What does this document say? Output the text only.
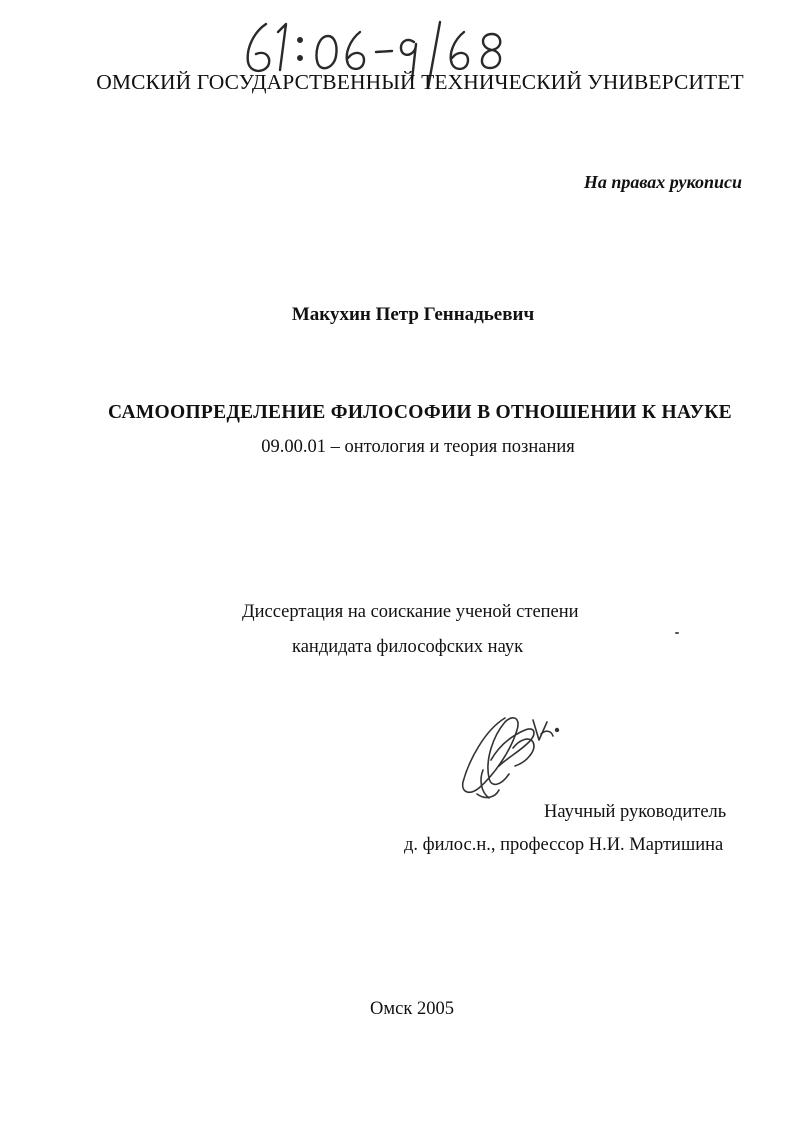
ОМСКИЙ ГОСУДАРСТВЕННЫЙ ТЕХНИЧЕСКИЙ УНИВЕРСИТЕТ
На правах рукописи
Макухин Петр Геннадьевич
САМООПРЕДЕЛЕНИЕ ФИЛОСОФИИ В ОТНОШЕНИИ К НАУКЕ
09.00.01 – онтология и теория познания
Диссертация на соискание ученой степени
кандидата философских наук
Научный руководитель
д. филос.н., профессор Н.И. Мартишина
Омск 2005
